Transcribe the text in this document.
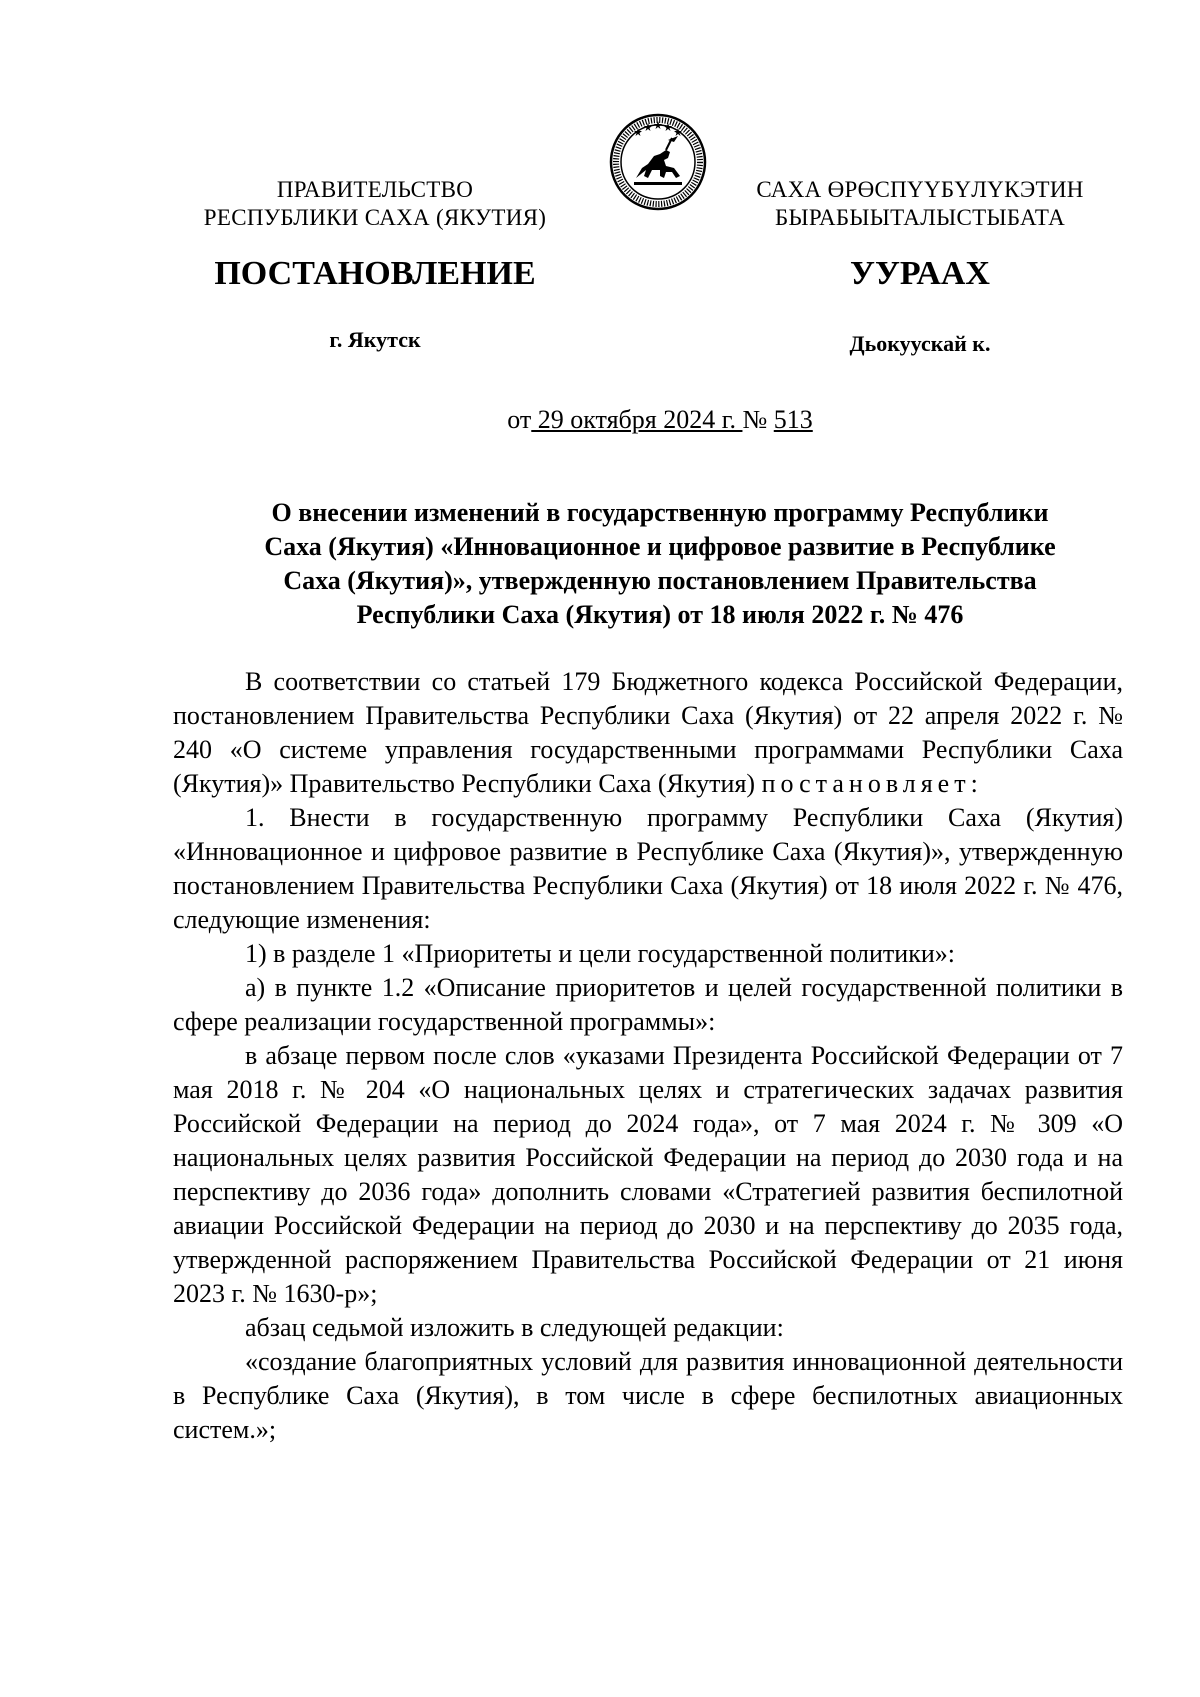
ПРАВИТЕЛЬСТВО
РЕСПУБЛИКИ САХА (ЯКУТИЯ)
САХА ӨРӨСПҮҮБҮЛҮКЭТИН
БЫРАБЫЫТАЛЫСТЫБАТА
ПОСТАНОВЛЕНИЕ	УУРААХ
г. Якутск	Дьокуускай к.
от 29 октября 2024 г. № 513
О внесении изменений в государственную программу Республики
Саха (Якутия) «Инновационное и цифровое развитие в Республике
Саха (Якутия)», утвержденную постановлением Правительства
Республики Саха (Якутия) от 18 июля 2022 г. № 476

В соответствии со статьей 179 Бюджетного кодекса Российской Федерации, постановлением Правительства Республики Саха (Якутия) от 22 апреля 2022 г. № 240 «О системе управления государственными программами Республики Саха (Якутия)» Правительство Республики Саха (Якутия) постановляет:

1. Внести в государственную программу Республики Саха (Якутия) «Инновационное и цифровое развитие в Республике Саха (Якутия)», утвержденную постановлением Правительства Республики Саха (Якутия) от 18 июля 2022 г. № 476, следующие изменения:

1) в разделе 1 «Приоритеты и цели государственной политики»:

а) в пункте 1.2 «Описание приоритетов и целей государственной политики в сфере реализации государственной программы»:

в абзаце первом после слов «указами Президента Российской Федерации от 7 мая 2018 г. № 204 «О национальных целях и стратегических задачах развития Российской Федерации на период до 2024 года», от 7 мая 2024 г. № 309 «О национальных целях развития Российской Федерации на период до 2030 года и на перспективу до 2036 года» дополнить словами «Стратегией развития беспилотной авиации Российской Федерации на период до 2030 и на перспективу до 2035 года, утвержденной распоряжением Правительства Российской Федерации от 21 июня 2023 г. № 1630-р»;

абзац седьмой изложить в следующей редакции:

«создание благоприятных условий для развития инновационной деятельности в Республике Саха (Якутия), в том числе в сфере беспилотных авиационных систем.»;
